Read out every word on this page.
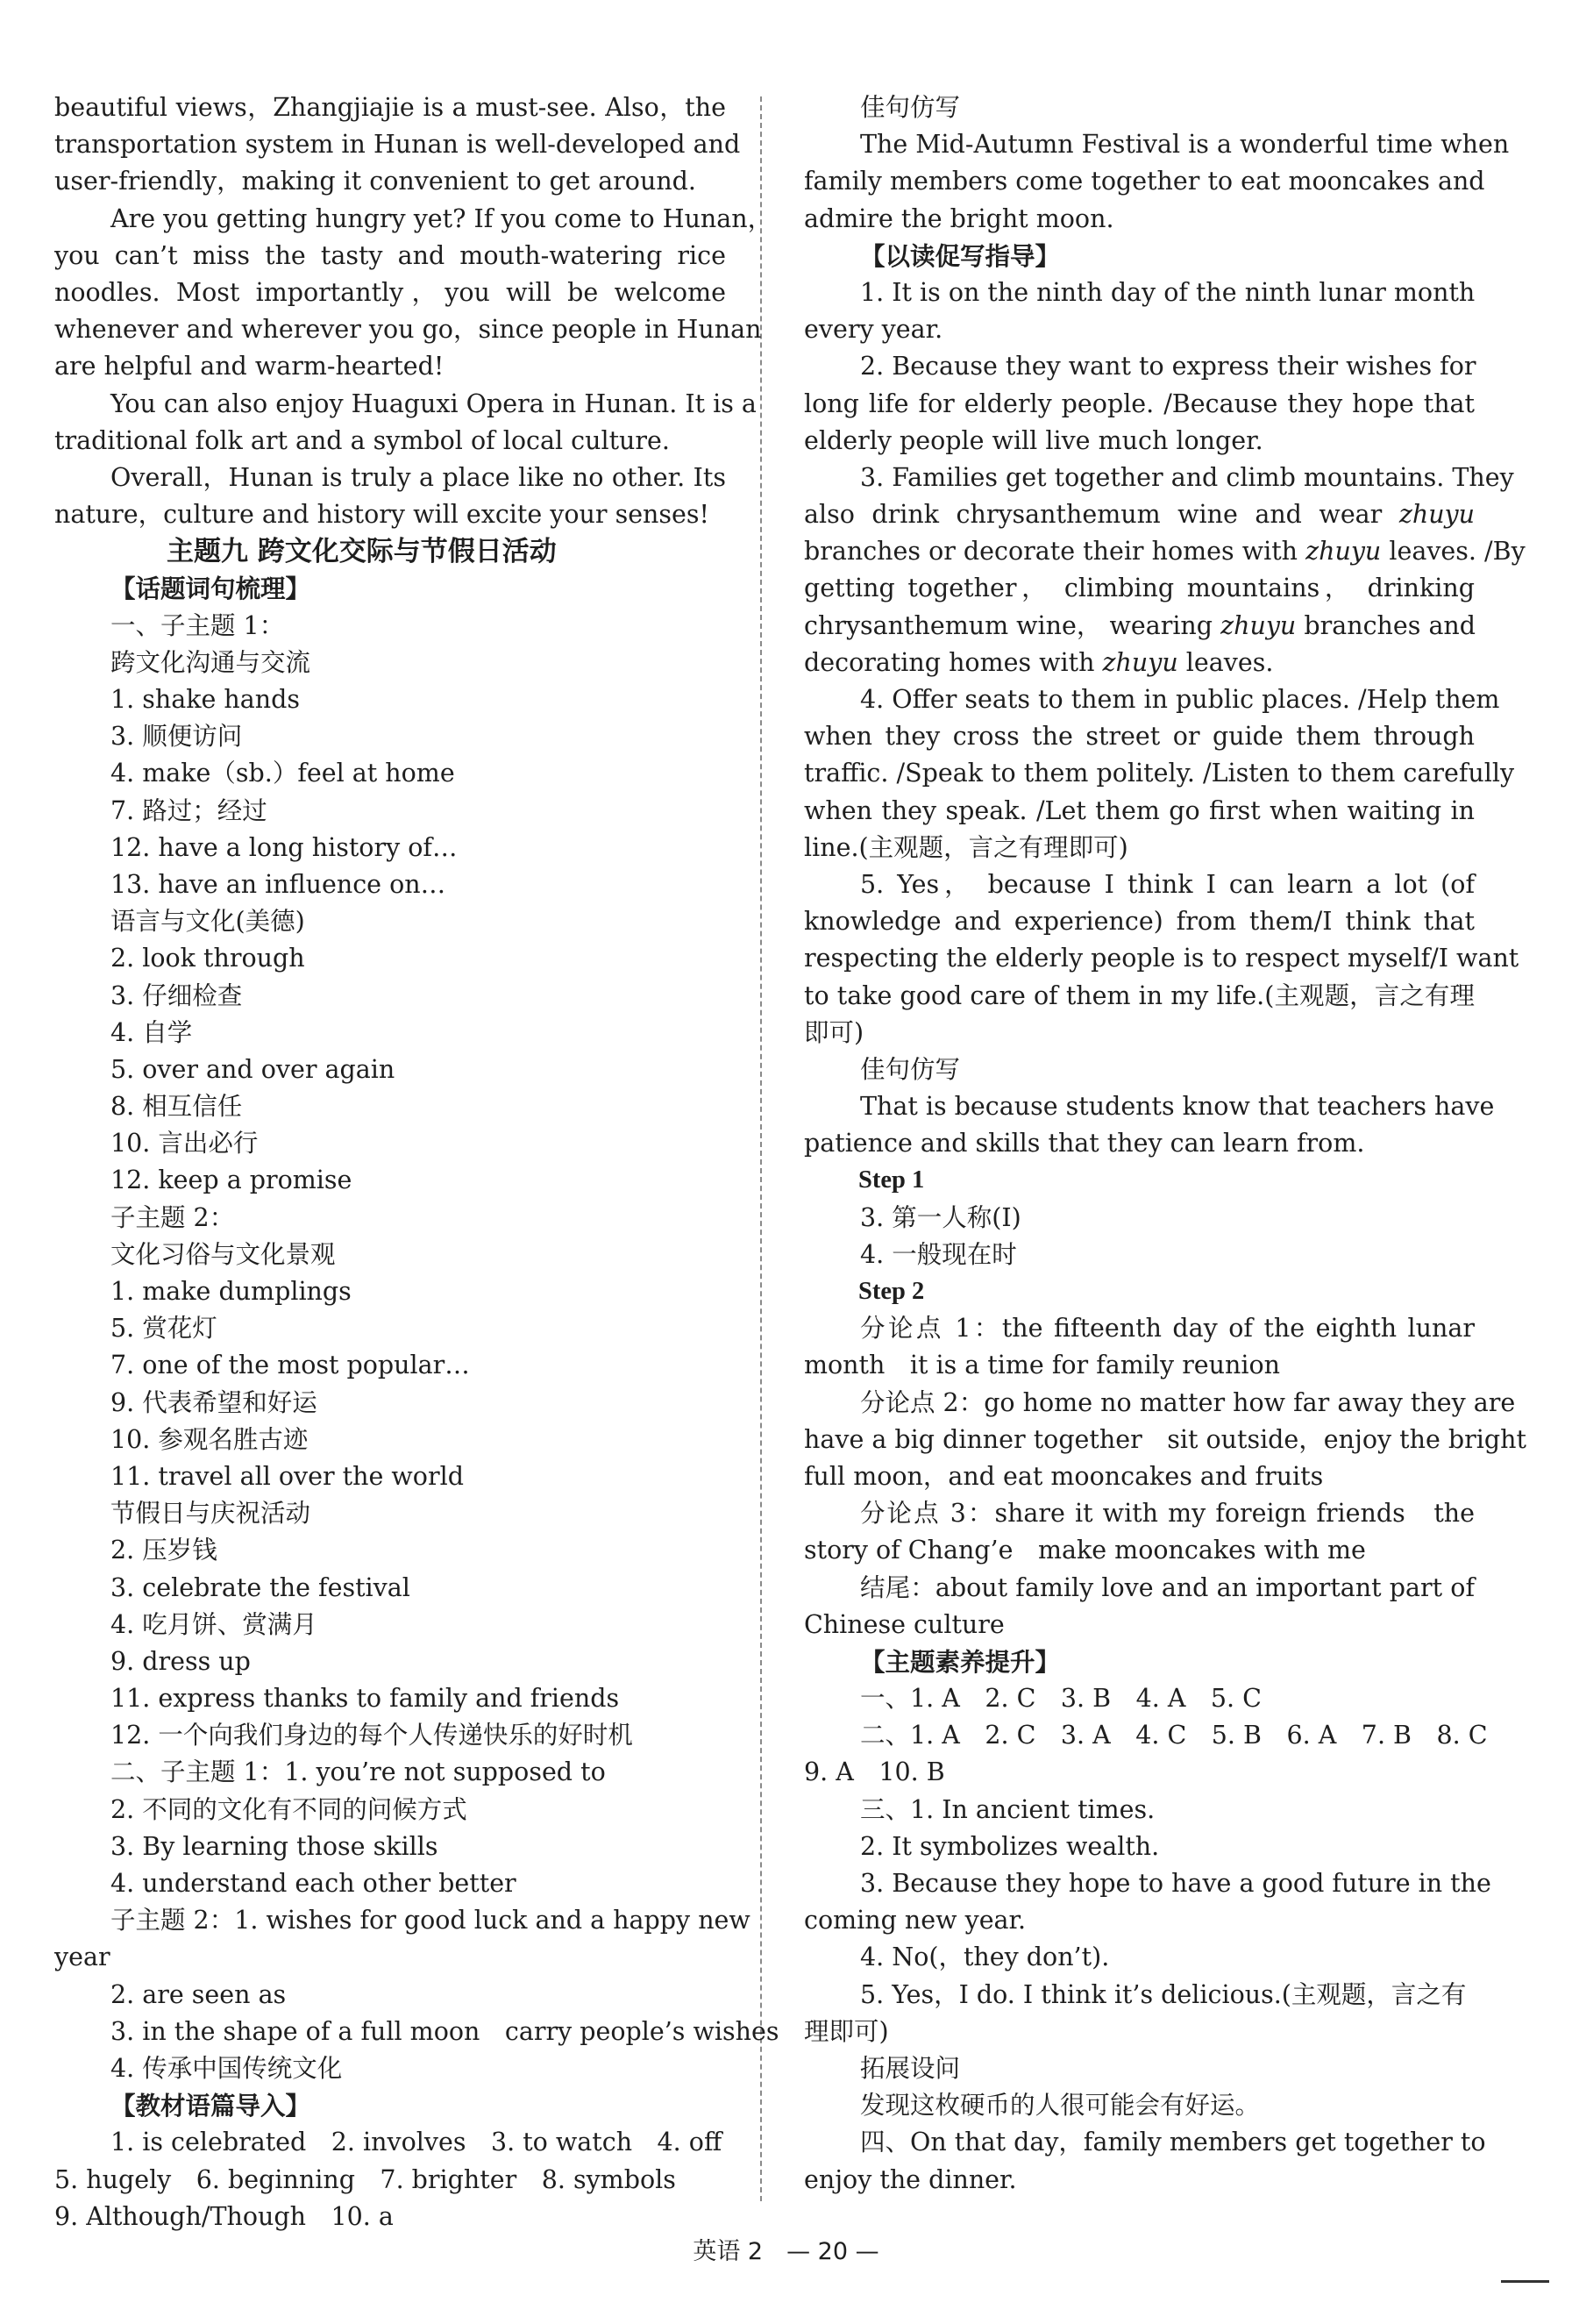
beautiful views，Zhangjiajie is a must-see. Also，the
transportation system in Hunan is well-developed and
user-friendly，making it convenient to get around.
Are you getting hungry yet? If you come to Hunan，
you can’t miss the tasty and mouth-watering rice
noodles. Most importantly，you will be welcome
whenever and wherever you go，since people in Hunan
are helpful and warm-hearted!
You can also enjoy Huaguxi Opera in Hunan. It is a
traditional folk art and a symbol of local culture.
Overall，Hunan is truly a place like no other. Its
nature，culture and history will excite your senses!
主题九 跨文化交际与节假日活动
【话题词句梳理】
一、子主题 1：
跨文化沟通与交流
1. shake hands
3. 顺便访问
4. make（sb.）feel at home
7. 路过；经过
12. have a long history of…
13. have an influence on…
语言与文化(美德)
2. look through
3. 仔细检查
4. 自学
5. over and over again
8. 相互信任
10. 言出必行
12. keep a promise
子主题 2：
文化习俗与文化景观
1. make dumplings
5. 赏花灯
7. one of the most popular…
9. 代表希望和好运
10. 参观名胜古迹
11. travel all over the world
节假日与庆祝活动
2. 压岁钱
3. celebrate the festival
4. 吃月饼、赏满月
9. dress up
11. express thanks to family and friends
12. 一个向我们身边的每个人传递快乐的好时机
二、子主题 1：1. you’re not supposed to
2. 不同的文化有不同的问候方式
3. By learning those skills
4. understand each other better
子主题 2：1. wishes for good luck and a happy new
year
2. are seen as
3. in the shape of a full moon　carry people’s wishes
4. 传承中国传统文化
【教材语篇导入】
1. is celebrated　2. involves　3. to watch　4. off
5. hugely　6. beginning　7. brighter　8. symbols
9. Although/Though　10. a
佳句仿写
The Mid-Autumn Festival is a wonderful time when
family members come together to eat mooncakes and
admire the bright moon.
【以读促写指导】
1. It is on the ninth day of the ninth lunar month
every year.
2. Because they want to express their wishes for
long life for elderly people. /Because they hope that
elderly people will live much longer.
3. Families get together and climb mountains. They
also drink chrysanthemum wine and wear zhuyu
branches or decorate their homes with zhuyu leaves. /By
getting together， climbing mountains， drinking
chrysanthemum wine， wearing zhuyu branches and
decorating homes with zhuyu leaves.
4. Offer seats to them in public places. /Help them
when they cross the street or guide them through
traffic. /Speak to them politely. /Listen to them carefully
when they speak. /Let them go first when waiting in
line.(主观题，言之有理即可)
5. Yes， because I think I can learn a lot (of
knowledge and experience) from them/I think that
respecting the elderly people is to respect myself/I want
to take good care of them in my life.(主观题，言之有理
即可)
佳句仿写
That is because students know that teachers have
patience and skills that they can learn from.
Step 1
3. 第一人称(I)
4. 一般现在时
Step 2
分论点 1：the fifteenth day of the eighth lunar
month　it is a time for family reunion
分论点 2：go home no matter how far away they are
have a big dinner together　sit outside，enjoy the bright
full moon，and eat mooncakes and fruits
分论点 3：share it with my foreign friends　the
story of Chang’e　make mooncakes with me
结尾：about family love and an important part of
Chinese culture
【主题素养提升】
一、1. A　2. C　3. B　4. A　5. C
二、1. A　2. C　3. A　4. C　5. B　6. A　7. B　8. C
9. A　10. B
三、1. In ancient times.
2. It symbolizes wealth.
3. Because they hope to have a good future in the
coming new year.
4. No(，they don’t).
5. Yes，I do. I think it’s delicious.(主观题，言之有
理即可)
拓展设问
发现这枚硬币的人很可能会有好运。
四、On that day，family members get together to
enjoy the dinner.
英语 2　— 20 —
